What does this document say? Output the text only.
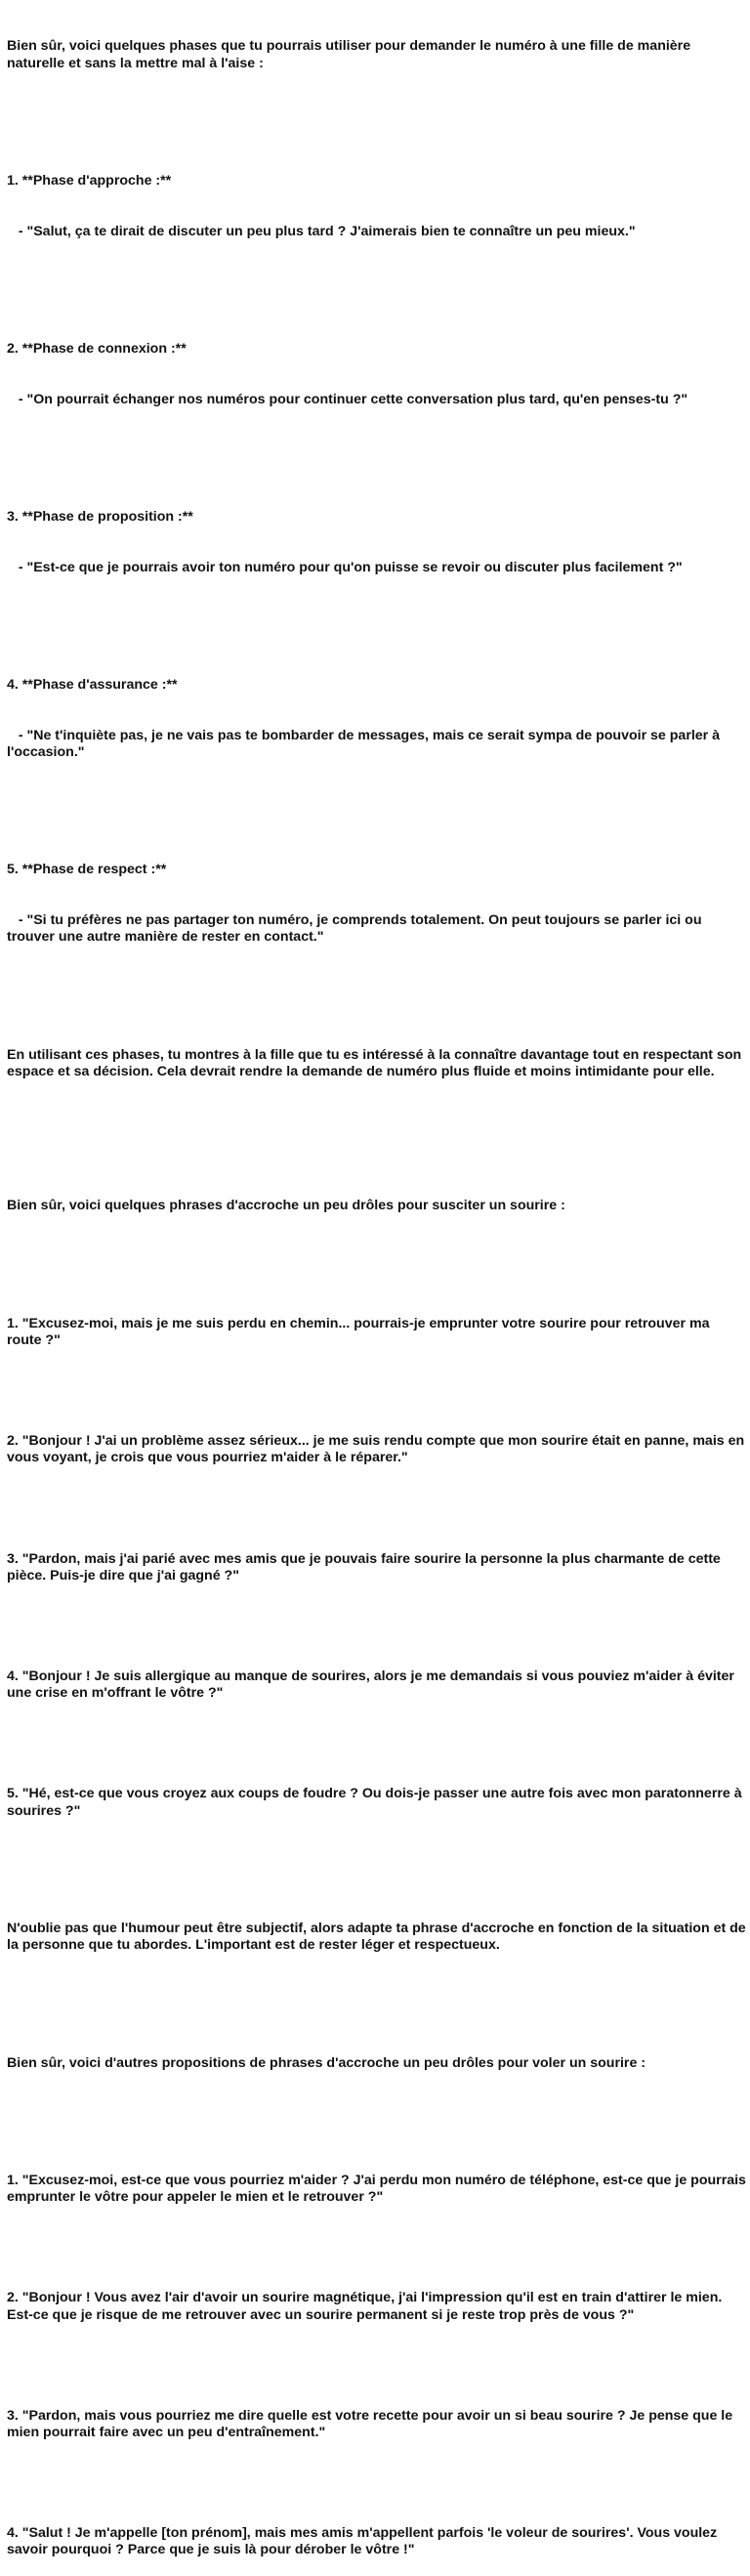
Bien sûr, voici quelques phases que tu pourrais utiliser pour demander le numéro à une fille de manière naturelle et sans la mettre mal à l'aise :

1. **Phase d'approche :**

- "Salut, ça te dirait de discuter un peu plus tard ? J'aimerais bien te connaître un peu mieux."

2. **Phase de connexion :**

- "On pourrait échanger nos numéros pour continuer cette conversation plus tard, qu'en penses-tu ?"

3. **Phase de proposition :**

- "Est-ce que je pourrais avoir ton numéro pour qu'on puisse se revoir ou discuter plus facilement ?"

4. **Phase d'assurance :**

- "Ne t'inquiète pas, je ne vais pas te bombarder de messages, mais ce serait sympa de pouvoir se parler à l'occasion."

5. **Phase de respect :**

- "Si tu préfères ne pas partager ton numéro, je comprends totalement. On peut toujours se parler ici ou trouver une autre manière de rester en contact."

En utilisant ces phases, tu montres à la fille que tu es intéressé à la connaître davantage tout en respectant son espace et sa décision. Cela devrait rendre la demande de numéro plus fluide et moins intimidante pour elle.

Bien sûr, voici quelques phrases d'accroche un peu drôles pour susciter un sourire :

1. "Excusez-moi, mais je me suis perdu en chemin... pourrais-je emprunter votre sourire pour retrouver ma route ?"

2. "Bonjour ! J'ai un problème assez sérieux... je me suis rendu compte que mon sourire était en panne, mais en vous voyant, je crois que vous pourriez m'aider à le réparer."

3. "Pardon, mais j'ai parié avec mes amis que je pouvais faire sourire la personne la plus charmante de cette pièce. Puis-je dire que j'ai gagné ?"

4. "Bonjour ! Je suis allergique au manque de sourires, alors je me demandais si vous pouviez m'aider à éviter une crise en m'offrant le vôtre ?"

5. "Hé, est-ce que vous croyez aux coups de foudre ? Ou dois-je passer une autre fois avec mon paratonnerre à sourires ?"

N'oublie pas que l'humour peut être subjectif, alors adapte ta phrase d'accroche en fonction de la situation et de la personne que tu abordes. L'important est de rester léger et respectueux.

Bien sûr, voici d'autres propositions de phrases d'accroche un peu drôles pour voler un sourire :

1. "Excusez-moi, est-ce que vous pourriez m'aider ? J'ai perdu mon numéro de téléphone, est-ce que je pourrais emprunter le vôtre pour appeler le mien et le retrouver ?"

2. "Bonjour ! Vous avez l'air d'avoir un sourire magnétique, j'ai l'impression qu'il est en train d'attirer le mien. Est-ce que je risque de me retrouver avec un sourire permanent si je reste trop près de vous ?"

3. "Pardon, mais vous pourriez me dire quelle est votre recette pour avoir un si beau sourire ? Je pense que le mien pourrait faire avec un peu d'entraînement."

4. "Salut ! Je m'appelle [ton prénom], mais mes amis m'appellent parfois 'le voleur de sourires'. Vous voulez savoir pourquoi ? Parce que je suis là pour dérober le vôtre !"
